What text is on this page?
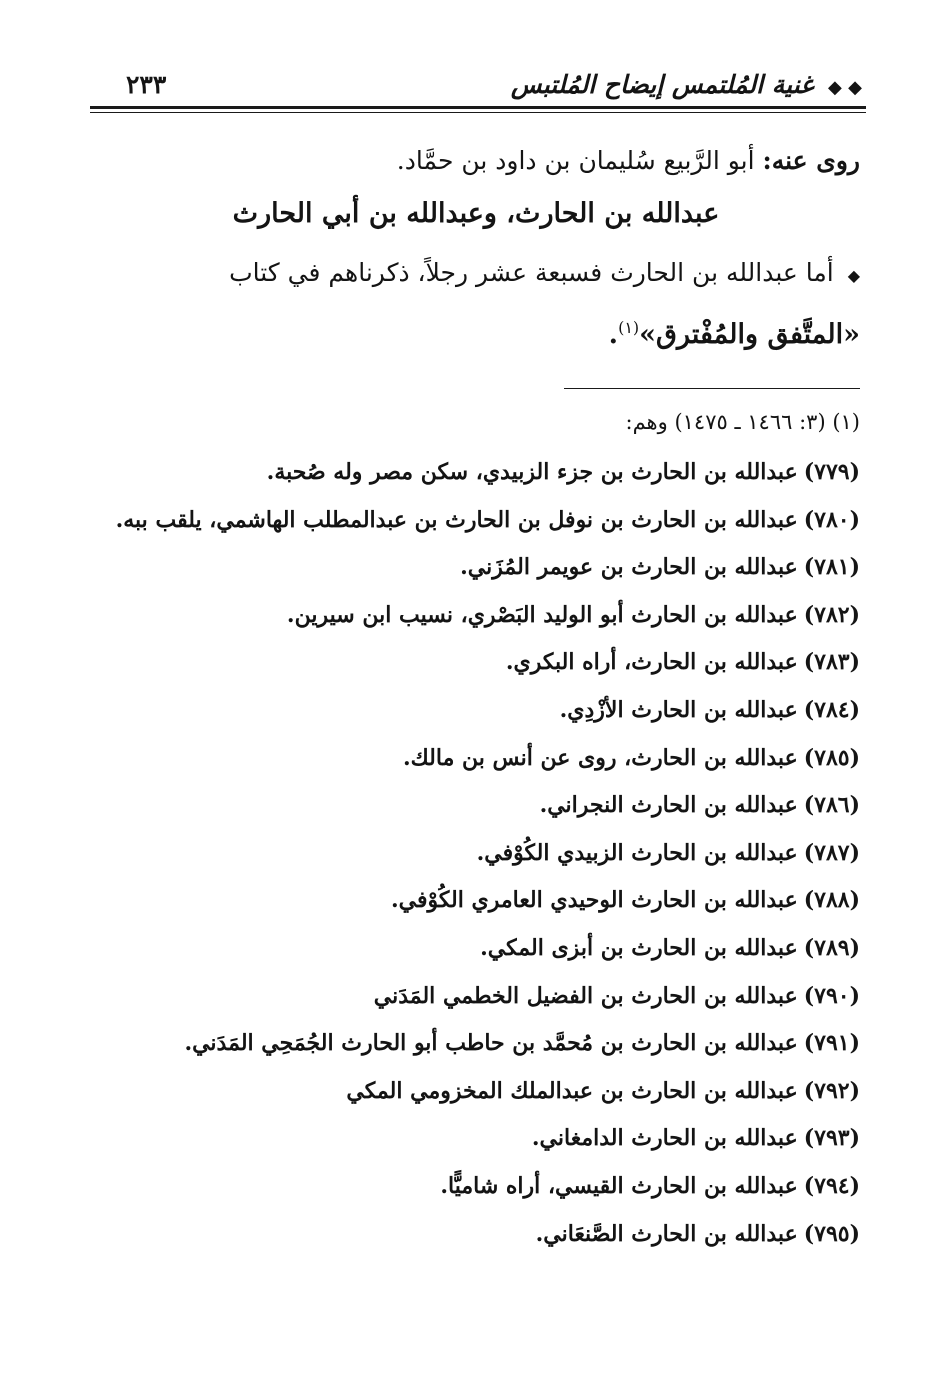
◆ ◆ غنية المُلتمس إيضاح المُلتبس
٢٣٣
روى عنه: أبو الرَّبيع سُليمان بن داود بن حمَّاد.
عبدالله بن الحارث، وعبدالله بن أبي الحارث
◆ أما عبدالله بن الحارث فسبعة عشر رجلاً، ذكرناهم في كتاب
«المتَّفق والمُفْترق»$^{(١)}$.
(١) (٣: ١٤٦٦ ـ ١٤٧٥) وهم:
(٧٧٩)عبدالله بن الحارث بن جزء الزبيدي، سكن مصر وله صُحبة.
(٧٨٠)عبدالله بن الحارث بن نوفل بن الحارث بن عبدالمطلب الهاشمي، يلقب ببه.
(٧٨١)عبدالله بن الحارث بن عويمر المُزَني.
(٧٨٢)عبدالله بن الحارث أبو الوليد البَصْري، نسيب ابن سيرين.
(٧٨٣)عبدالله بن الحارث، أراه البكري.
(٧٨٤)عبدالله بن الحارث الأزْدِي.
(٧٨٥)عبدالله بن الحارث، روى عن أنس بن مالك.
(٧٨٦)عبدالله بن الحارث النجراني.
(٧٨٧)عبدالله بن الحارث الزبيدي الكُوْفي.
(٧٨٨)عبدالله بن الحارث الوحيدي العامري الكُوْفي.
(٧٨٩)عبدالله بن الحارث بن أبزى المكي.
(٧٩٠)عبدالله بن الحارث بن الفضيل الخطمي المَدَني
(٧٩١)عبدالله بن الحارث بن مُحمَّد بن حاطب أبو الحارث الجُمَحِي المَدَني.
(٧٩٢)عبدالله بن الحارث بن عبدالملك المخزومي المكي
(٧٩٣)عبدالله بن الحارث الدامغاني.
(٧٩٤)عبدالله بن الحارث القيسي، أراه شاميًّا.
(٧٩٥)عبدالله بن الحارث الصَّنعَاني.
